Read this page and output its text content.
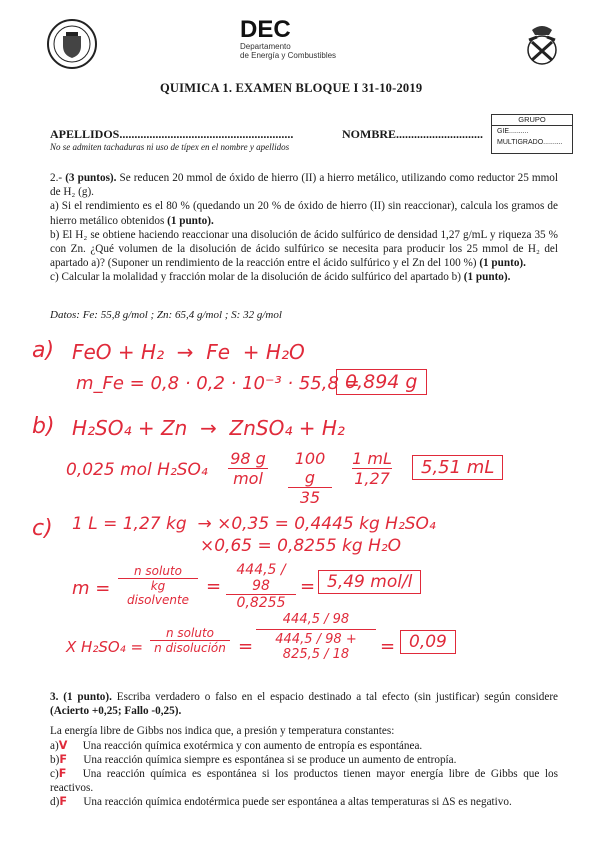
DEC
Departamento
de Energía y Combustibles
QUIMICA 1. EXAMEN BLOQUE I 31-10-2019
APELLIDOS..........................................................	NOMBRE.............................
No se admiten tachaduras ni uso de típex en el nombre y apellidos
GRUPO
GIE..........
MULTIGRADO..........
2.- (3 puntos). Se reducen 20 mmol de óxido de hierro (II) a hierro metálico, utilizando como reductor 25 mmol de H₂ (g).
a) Si el rendimiento es el 80 % (quedando un 20 % de óxido de hierro (II) sin reaccionar), calcula los gramos de hierro metálico obtenidos (1 punto).
b) El H₂ se obtiene haciendo reaccionar una disolución de ácido sulfúrico de densidad 1,27 g/mL y riqueza 35 % con Zn. ¿Qué volumen de la disolución de ácido sulfúrico se necesita para producir los 25 mmol de H₂ del apartado a)? (Suponer un rendimiento de la reacción entre el ácido sulfúrico y el Zn del 100 %) (1 punto).
c) Calcular la molalidad y fracción molar de la disolución de ácido sulfúrico del apartado b) (1 punto).
Datos: Fe: 55,8 g/mol ; Zn: 65,4 g/mol ; S: 32 g/mol
a) FeO + H₂  →  Fe  + H₂O
m_Fe = 0,8 · 0,2 · 10⁻³ · 55,8 =
0,894 g
b) H₂SO₄ + Zn  →  ZnSO₄ + H₂
0,025 mol H₂SO₄
98 g
mol	$\frac{100 g}{35} \frac{1 mL}{1,27}$	5,51 mL
c) 1 L = 1,27 kg  → ×0,35 = 0,4445 kg H₂SO₄
×0,65 = 0,8255 kg H₂O
m =
n soluto
kg disolvente
= $\frac{444,5 / 98}{0,8255} = 5,49$ mol/l
X H₂SO₄ =
n soluto
n disolución = $\frac{444,5 / 98}{444,5 / 98 + 825,5 / 18} = 0,09$
3. (1 punto). Escriba verdadero o falso en el espacio destinado a tal efecto (sin justificar) según considere (Acierto +0,25; Fallo -0,25).
La energía libre de Gibbs nos indica que, a presión y temperatura constantes:
a)V Una reacción química exotérmica y con aumento de entropía es espontánea.
b)F Una reacción química siempre es espontánea si se produce un aumento de entropía.
c)F Una reacción química es espontánea si los productos tienen mayor energía libre de Gibbs que los reactivos.
d)F Una reacción química endotérmica puede ser espontánea a altas temperaturas si ΔS es negativo.
